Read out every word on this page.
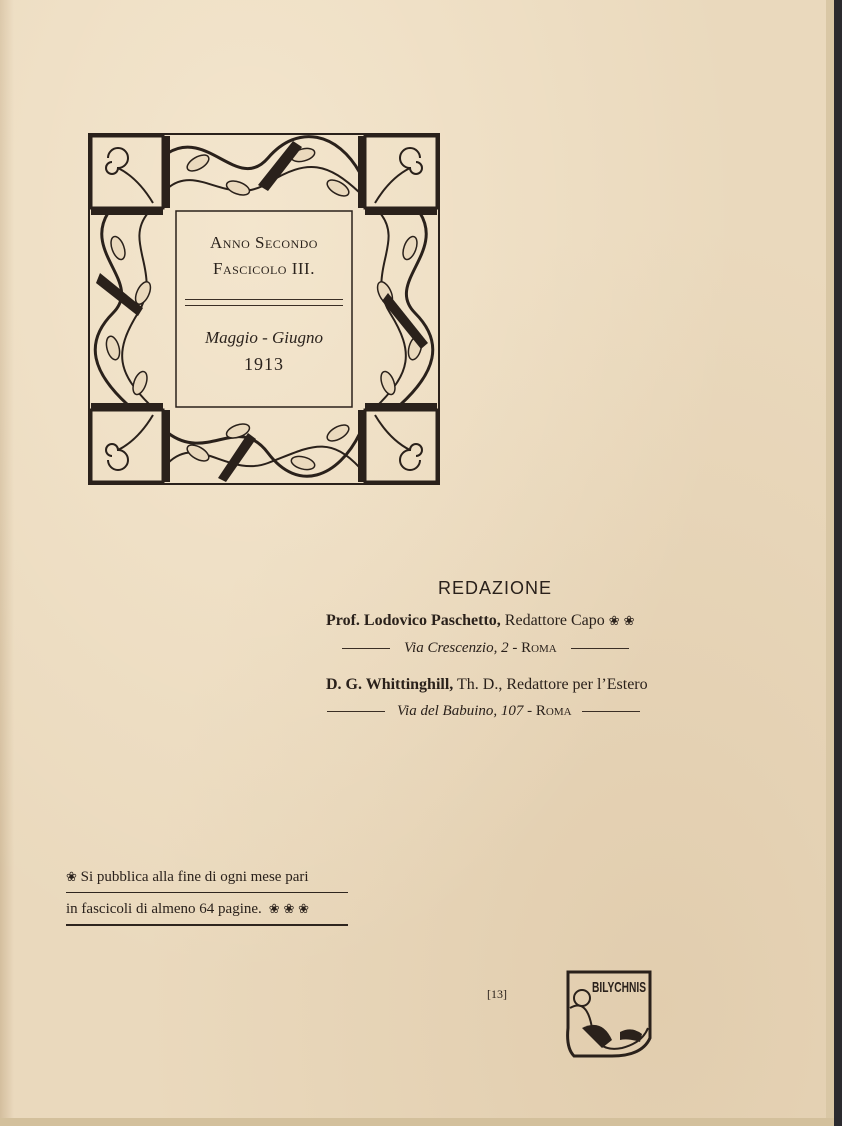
Anno Secondo
Fascicolo III.
Maggio - Giugno
1913
REDAZIONE
Prof. Lodovico Paschetto, Redattore Capo ❀ ❀
Via Crescenzio, 2 -
Roma
D. G. Whittinghill, Th. D., Redattore per l’Estero
Via del Babuino, 107 -
Roma
❀ Si pubblica alla fine di ogni mese pari
in fascicoli di almeno 64 pagine.  ❀ ❀ ❀
[13]	BILYCHNIS
